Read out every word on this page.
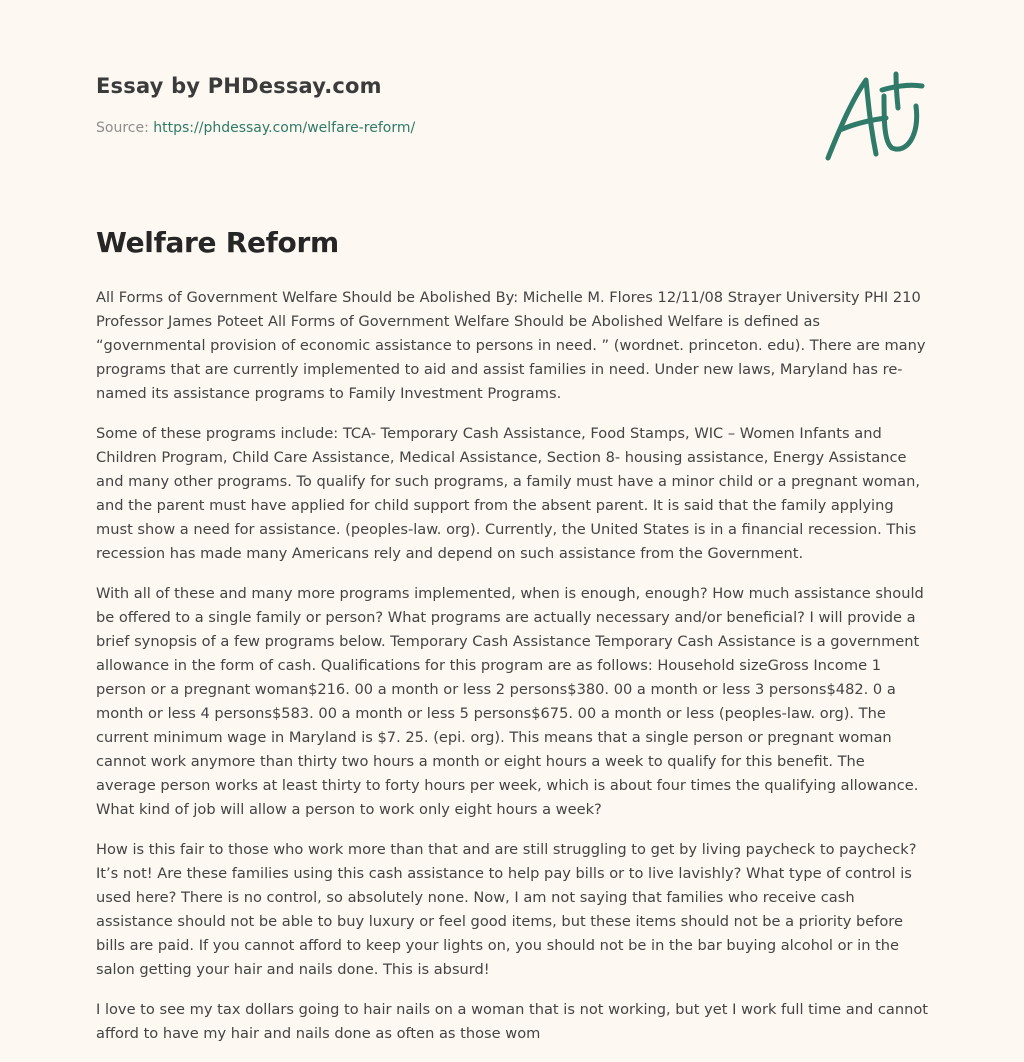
Essay by PHDessay.com
Source: https://phdessay.com/welfare-reform/
Welfare Reform

All Forms of Government Welfare Should be Abolished By: Michelle M. Flores 12/11/08 Strayer University PHI 210 Professor James Poteet All Forms of Government Welfare Should be Abolished Welfare is defined as “governmental provision of economic assistance to persons in need. ” (wordnet. princeton. edu). There are many programs that are currently implemented to aid and assist families in need. Under new laws, Maryland has re-named its assistance programs to Family Investment Programs.

Some of these programs include: TCA- Temporary Cash Assistance, Food Stamps, WIC – Women Infants and Children Program, Child Care Assistance, Medical Assistance, Section 8- housing assistance, Energy Assistance and many other programs. To qualify for such programs, a family must have a minor child or a pregnant woman, and the parent must have applied for child support from the absent parent. It is said that the family applying must show a need for assistance. (peoples-law. org). Currently, the United States is in a financial recession. This recession has made many Americans rely and depend on such assistance from the Government.

With all of these and many more programs implemented, when is enough, enough? How much assistance should be offered to a single family or person? What programs are actually necessary and/or beneficial? I will provide a brief synopsis of a few programs below. Temporary Cash Assistance Temporary Cash Assistance is a government allowance in the form of cash. Qualifications for this program are as follows: Household sizeGross Income 1 person or a pregnant woman$216. 00 a month or less 2 persons$380. 00 a month or less 3 persons$482. 0 a month or less 4 persons$583. 00 a month or less 5 persons$675. 00 a month or less (peoples-law. org). The current minimum wage in Maryland is $7. 25. (epi. org). This means that a single person or pregnant woman cannot work anymore than thirty two hours a month or eight hours a week to qualify for this benefit. The average person works at least thirty to forty hours per week, which is about four times the qualifying allowance. What kind of job will allow a person to work only eight hours a week?

How is this fair to those who work more than that and are still struggling to get by living paycheck to paycheck? It’s not! Are these families using this cash assistance to help pay bills or to live lavishly? What type of control is used here? There is no control, so absolutely none. Now, I am not saying that families who receive cash assistance should not be able to buy luxury or feel good items, but these items should not be a priority before bills are paid. If you cannot afford to keep your lights on, you should not be in the bar buying alcohol or in the salon getting your hair and nails done. This is absurd!

I love to see my tax dollars going to hair nails on a woman that is not working, but yet I work full time and cannot afford to have my hair and nails done as often as those wom
